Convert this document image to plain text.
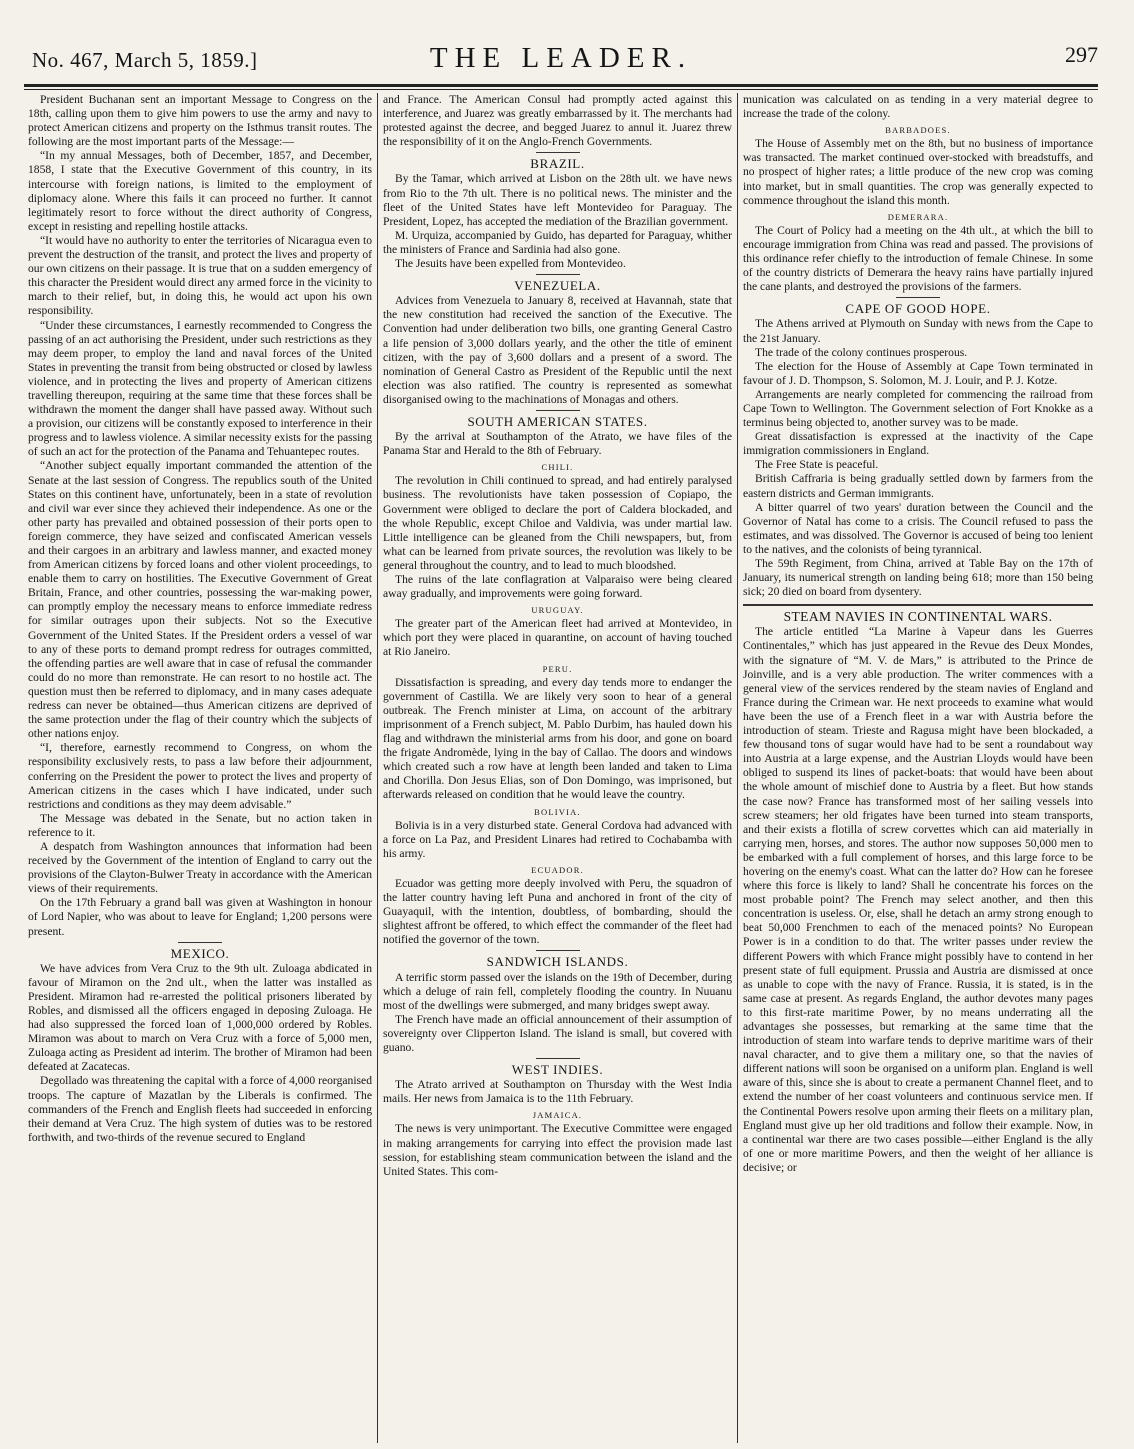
No. 467, March 5, 1859.]	THE LEADER.	297

President Buchanan sent an important Message to Congress on the 18th, calling upon them to give him powers to use the army and navy to protect American citizens and property on the Isthmus transit routes. The following are the most important parts of the Message:—

“In my annual Messages, both of December, 1857, and December, 1858, I state that the Executive Government of this country, in its intercourse with foreign nations, is limited to the employment of diplomacy alone. Where this fails it can proceed no further. It cannot legitimately resort to force without the direct authority of Congress, except in resisting and repelling hostile attacks.

“It would have no authority to enter the territories of Nicaragua even to prevent the destruction of the transit, and protect the lives and property of our own citizens on their passage. It is true that on a sudden emergency of this character the President would direct any armed force in the vicinity to march to their relief, but, in doing this, he would act upon his own responsibility.

“Under these circumstances, I earnestly recommended to Congress the passing of an act authorising the President, under such restrictions as they may deem proper, to employ the land and naval forces of the United States in preventing the transit from being obstructed or closed by lawless violence, and in protecting the lives and property of American citizens travelling thereupon, requiring at the same time that these forces shall be withdrawn the moment the danger shall have passed away. Without such a provision, our citizens will be constantly exposed to interference in their progress and to lawless violence. A similar necessity exists for the passing of such an act for the protection of the Panama and Tehuantepec routes.

“Another subject equally important commanded the attention of the Senate at the last session of Congress. The republics south of the United States on this continent have, unfortunately, been in a state of revolution and civil war ever since they achieved their independence. As one or the other party has prevailed and obtained possession of their ports open to foreign commerce, they have seized and confiscated American vessels and their cargoes in an arbitrary and lawless manner, and exacted money from American citizens by forced loans and other violent proceedings, to enable them to carry on hostilities. The Executive Government of Great Britain, France, and other countries, possessing the war-making power, can promptly employ the necessary means to enforce immediate redress for similar outrages upon their subjects. Not so the Executive Government of the United States. If the President orders a vessel of war to any of these ports to demand prompt redress for outrages committed, the offending parties are well aware that in case of refusal the commander could do no more than remonstrate. He can resort to no hostile act. The question must then be referred to diplomacy, and in many cases adequate redress can never be obtained—thus American citizens are deprived of the same protection under the flag of their country which the subjects of other nations enjoy.

“I, therefore, earnestly recommend to Congress, on whom the responsibility exclusively rests, to pass a law before their adjournment, conferring on the President the power to protect the lives and property of American citizens in the cases which I have indicated, under such restrictions and conditions as they may deem advisable.”

The Message was debated in the Senate, but no action taken in reference to it.

A despatch from Washington announces that information had been received by the Government of the intention of England to carry out the provisions of the Clayton-Bulwer Treaty in accordance with the American views of their requirements.

On the 17th February a grand ball was given at Washington in honour of Lord Napier, who was about to leave for England; 1,200 persons were present.

MEXICO.

We have advices from Vera Cruz to the 9th ult. Zuloaga abdicated in favour of Miramon on the 2nd ult., when the latter was installed as President. Miramon had re-arrested the political prisoners liberated by Robles, and dismissed all the officers engaged in deposing Zuloaga. He had also suppressed the forced loan of 1,000,000 ordered by Robles. Miramon was about to march on Vera Cruz with a force of 5,000 men, Zuloaga acting as President ad interim. The brother of Miramon had been defeated at Zacatecas.

Degollado was threatening the capital with a force of 4,000 reorganised troops. The capture of Mazatlan by the Liberals is confirmed. The commanders of the French and English fleets had succeeded in enforcing their demand at Vera Cruz. The high system of duties was to be restored forthwith, and two-thirds of the revenue secured to England

and France. The American Consul had promptly acted against this interference, and Juarez was greatly embarrassed by it. The merchants had protested against the decree, and begged Juarez to annul it. Juarez threw the responsibility of it on the Anglo-French Governments.

BRAZIL.

By the Tamar, which arrived at Lisbon on the 28th ult. we have news from Rio to the 7th ult. There is no political news. The minister and the fleet of the United States have left Montevideo for Paraguay. The President, Lopez, has accepted the mediation of the Brazilian government.

M. Urquiza, accompanied by Guido, has departed for Paraguay, whither the ministers of France and Sardinia had also gone.

The Jesuits have been expelled from Montevideo.

VENEZUELA.

Advices from Venezuela to January 8, received at Havannah, state that the new constitution had received the sanction of the Executive. The Convention had under deliberation two bills, one granting General Castro a life pension of 3,000 dollars yearly, and the other the title of eminent citizen, with the pay of 3,600 dollars and a present of a sword. The nomination of General Castro as President of the Republic until the next election was also ratified. The country is represented as somewhat disorganised owing to the machinations of Monagas and others.

SOUTH AMERICAN STATES.

By the arrival at Southampton of the Atrato, we have files of the Panama Star and Herald to the 8th of February.

CHILI.

The revolution in Chili continued to spread, and had entirely paralysed business. The revolutionists have taken possession of Copiapo, the Government were obliged to declare the port of Caldera blockaded, and the whole Republic, except Chiloe and Valdivia, was under martial law. Little intelligence can be gleaned from the Chili newspapers, but, from what can be learned from private sources, the revolution was likely to be general throughout the country, and to lead to much bloodshed.

The ruins of the late conflagration at Valparaiso were being cleared away gradually, and improvements were going forward.

URUGUAY.

The greater part of the American fleet had arrived at Montevideo, in which port they were placed in quarantine, on account of having touched at Rio Janeiro.

PERU.

Dissatisfaction is spreading, and every day tends more to endanger the government of Castilla. We are likely very soon to hear of a general outbreak. The French minister at Lima, on account of the arbitrary imprisonment of a French subject, M. Pablo Durbim, has hauled down his flag and withdrawn the ministerial arms from his door, and gone on board the frigate Andromède, lying in the bay of Callao. The doors and windows which created such a row have at length been landed and taken to Lima and Chorilla. Don Jesus Elias, son of Don Domingo, was imprisoned, but afterwards released on condition that he would leave the country.

BOLIVIA.

Bolivia is in a very disturbed state. General Cordova had advanced with a force on La Paz, and President Linares had retired to Cochabamba with his army.

ECUADOR.

Ecuador was getting more deeply involved with Peru, the squadron of the latter country having left Puna and anchored in front of the city of Guayaquil, with the intention, doubtless, of bombarding, should the slightest affront be offered, to which effect the commander of the fleet had notified the governor of the town.

SANDWICH ISLANDS.

A terrific storm passed over the islands on the 19th of December, during which a deluge of rain fell, completely flooding the country. In Nuuanu most of the dwellings were submerged, and many bridges swept away.

The French have made an official announcement of their assumption of sovereignty over Clipperton Island. The island is small, but covered with guano.

WEST INDIES.

The Atrato arrived at Southampton on Thursday with the West India mails. Her news from Jamaica is to the 11th February.

JAMAICA.

The news is very unimportant. The Executive Committee were engaged in making arrangements for carrying into effect the provision made last session, for establishing steam communication between the island and the United States. This com-

munication was calculated on as tending in a very material degree to increase the trade of the colony.

BARBADOES.

The House of Assembly met on the 8th, but no business of importance was transacted. The market continued over-stocked with breadstuffs, and no prospect of higher rates; a little produce of the new crop was coming into market, but in small quantities. The crop was generally expected to commence throughout the island this month.

DEMERARA.

The Court of Policy had a meeting on the 4th ult., at which the bill to encourage immigration from China was read and passed. The provisions of this ordinance refer chiefly to the introduction of female Chinese. In some of the country districts of Demerara the heavy rains have partially injured the cane plants, and destroyed the provisions of the farmers.

CAPE OF GOOD HOPE.

The Athens arrived at Plymouth on Sunday with news from the Cape to the 21st January.

The trade of the colony continues prosperous.

The election for the House of Assembly at Cape Town terminated in favour of J. D. Thompson, S. Solomon, M. J. Louir, and P. J. Kotze.

Arrangements are nearly completed for commencing the railroad from Cape Town to Wellington. The Government selection of Fort Knokke as a terminus being objected to, another survey was to be made.

Great dissatisfaction is expressed at the inactivity of the Cape immigration commissioners in England.

The Free State is peaceful.

British Caffraria is being gradually settled down by farmers from the eastern districts and German immigrants.

A bitter quarrel of two years' duration between the Council and the Governor of Natal has come to a crisis. The Council refused to pass the estimates, and was dissolved. The Governor is accused of being too lenient to the natives, and the colonists of being tyrannical.

The 59th Regiment, from China, arrived at Table Bay on the 17th of January, its numerical strength on landing being 618; more than 150 being sick; 20 died on board from dysentery.

STEAM NAVIES IN CONTINENTAL WARS.

The article entitled “La Marine à Vapeur dans les Guerres Continentales,” which has just appeared in the Revue des Deux Mondes, with the signature of “M. V. de Mars,” is attributed to the Prince de Joinville, and is a very able production. The writer commences with a general view of the services rendered by the steam navies of England and France during the Crimean war. He next proceeds to examine what would have been the use of a French fleet in a war with Austria before the introduction of steam. Trieste and Ragusa might have been blockaded, a few thousand tons of sugar would have had to be sent a roundabout way into Austria at a large expense, and the Austrian Lloyds would have been obliged to suspend its lines of packet-boats: that would have been about the whole amount of mischief done to Austria by a fleet. But how stands the case now? France has transformed most of her sailing vessels into screw steamers; her old frigates have been turned into steam transports, and their exists a flotilla of screw corvettes which can aid materially in carrying men, horses, and stores. The author now supposes 50,000 men to be embarked with a full complement of horses, and this large force to be hovering on the enemy's coast. What can the latter do? How can he foresee where this force is likely to land? Shall he concentrate his forces on the most probable point? The French may select another, and then this concentration is useless. Or, else, shall he detach an army strong enough to beat 50,000 Frenchmen to each of the menaced points? No European Power is in a condition to do that. The writer passes under review the different Powers with which France might possibly have to contend in her present state of full equipment. Prussia and Austria are dismissed at once as unable to cope with the navy of France. Russia, it is stated, is in the same case at present. As regards England, the author devotes many pages to this first-rate maritime Power, by no means underrating all the advantages she possesses, but remarking at the same time that the introduction of steam into warfare tends to deprive maritime wars of their naval character, and to give them a military one, so that the navies of different nations will soon be organised on a uniform plan. England is well aware of this, since she is about to create a permanent Channel fleet, and to extend the number of her coast volunteers and continuous service men. If the Continental Powers resolve upon arming their fleets on a military plan, England must give up her old traditions and follow their example. Now, in a continental war there are two cases possible—either England is the ally of one or more maritime Powers, and then the weight of her alliance is decisive; or
